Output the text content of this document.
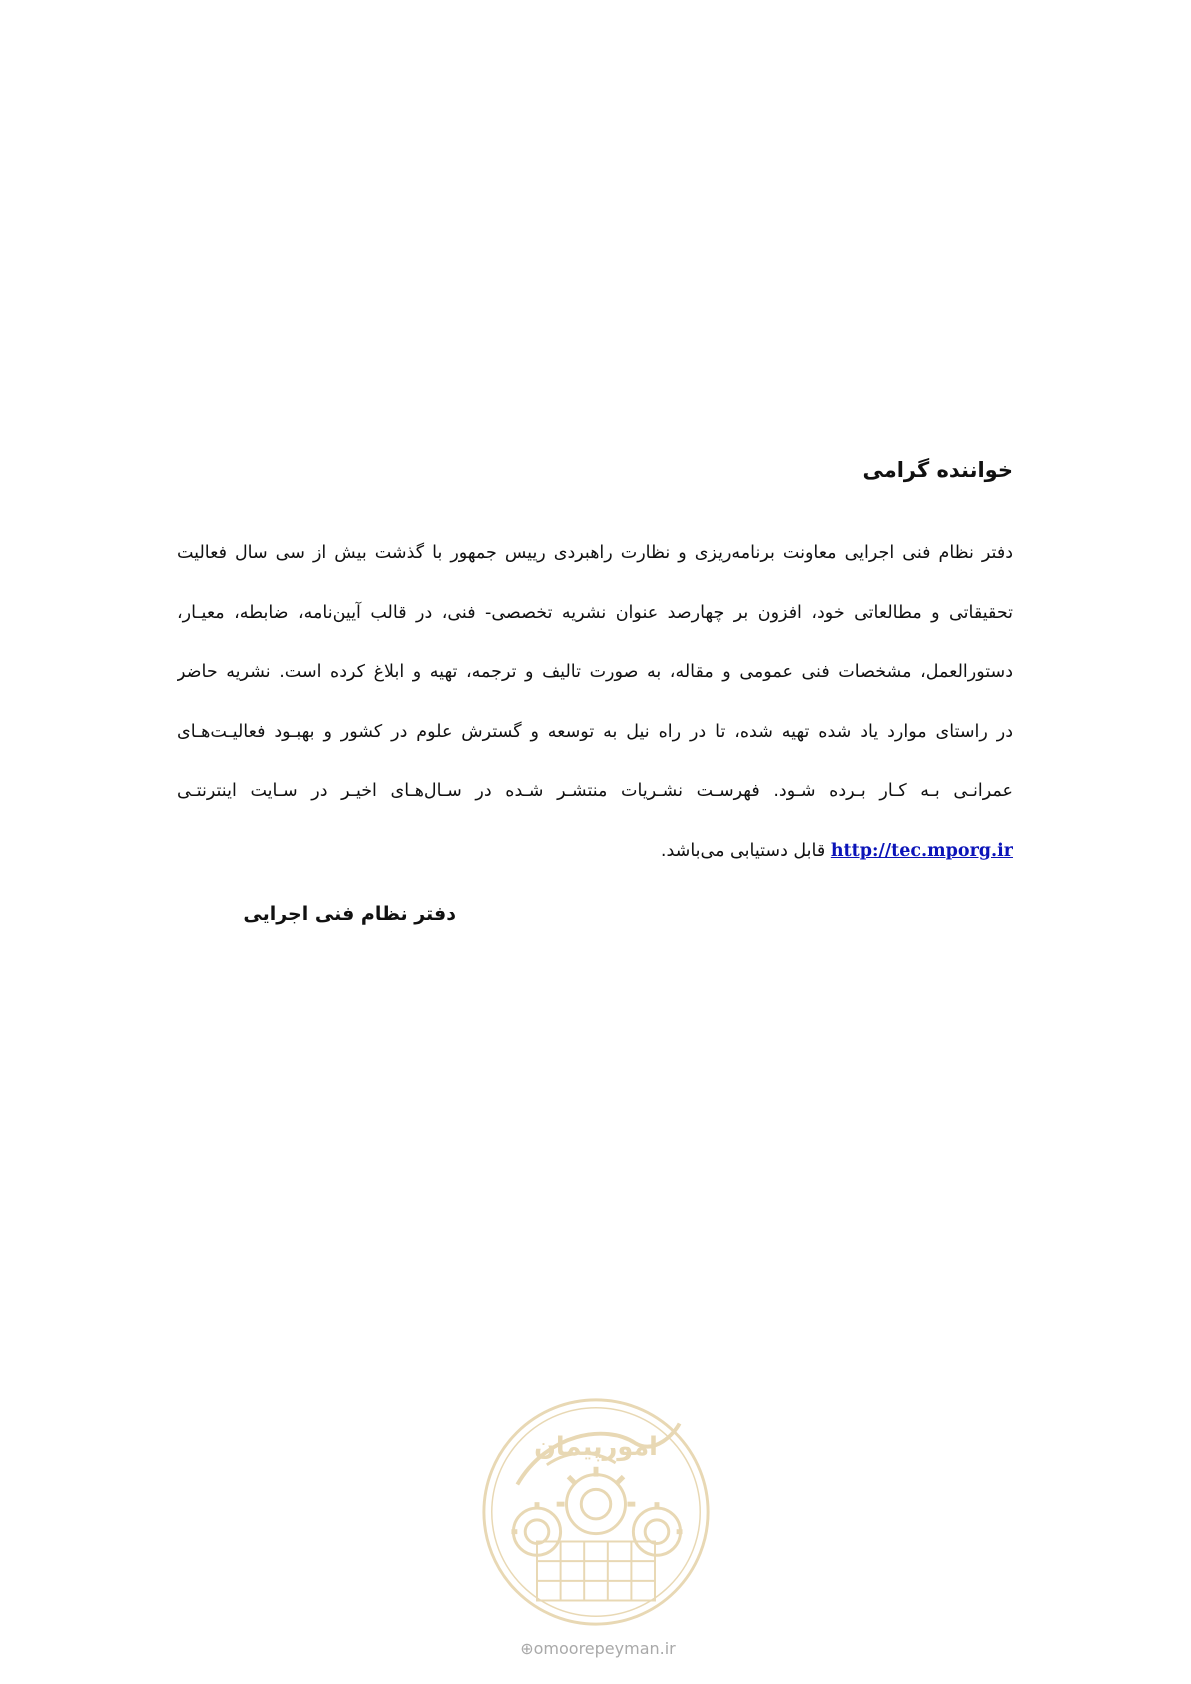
خواننده گرامی
دفتر نظام فنی اجرایی معاونت برنامه‌ریزی و نظارت راهبردی رییس جمهور با گذشت بیش از سی سال فعالیت
تحقیقاتی و مطالعاتی خود، افزون بر چهارصد عنوان نشریه تخصصی- فنی، در قالب آیین‌نامه، ضابطه، معیـار،
دستورالعمل، مشخصات فنی عمومی و مقاله، به صورت تالیف و ترجمه، تهیه و ابلاغ کرده است. نشریه حاضر
در راستای موارد یاد شده تهیه شده، تا در راه نیل به توسعه و گسترش علوم در کشور و بهبـود فعالیـت‌هـای
عمرانـی بـه کـار بـرده شـود. فهرسـت نشـریات منتشـر شـده در سـال‌هـای اخیـر در سـایت اینترنتـی
http://tec.mporg.ir قابل دستیابی می‌باشد.
دفتر نظام فنی اجرایی
امورپیمان
⊕omoorepeyman.ir
